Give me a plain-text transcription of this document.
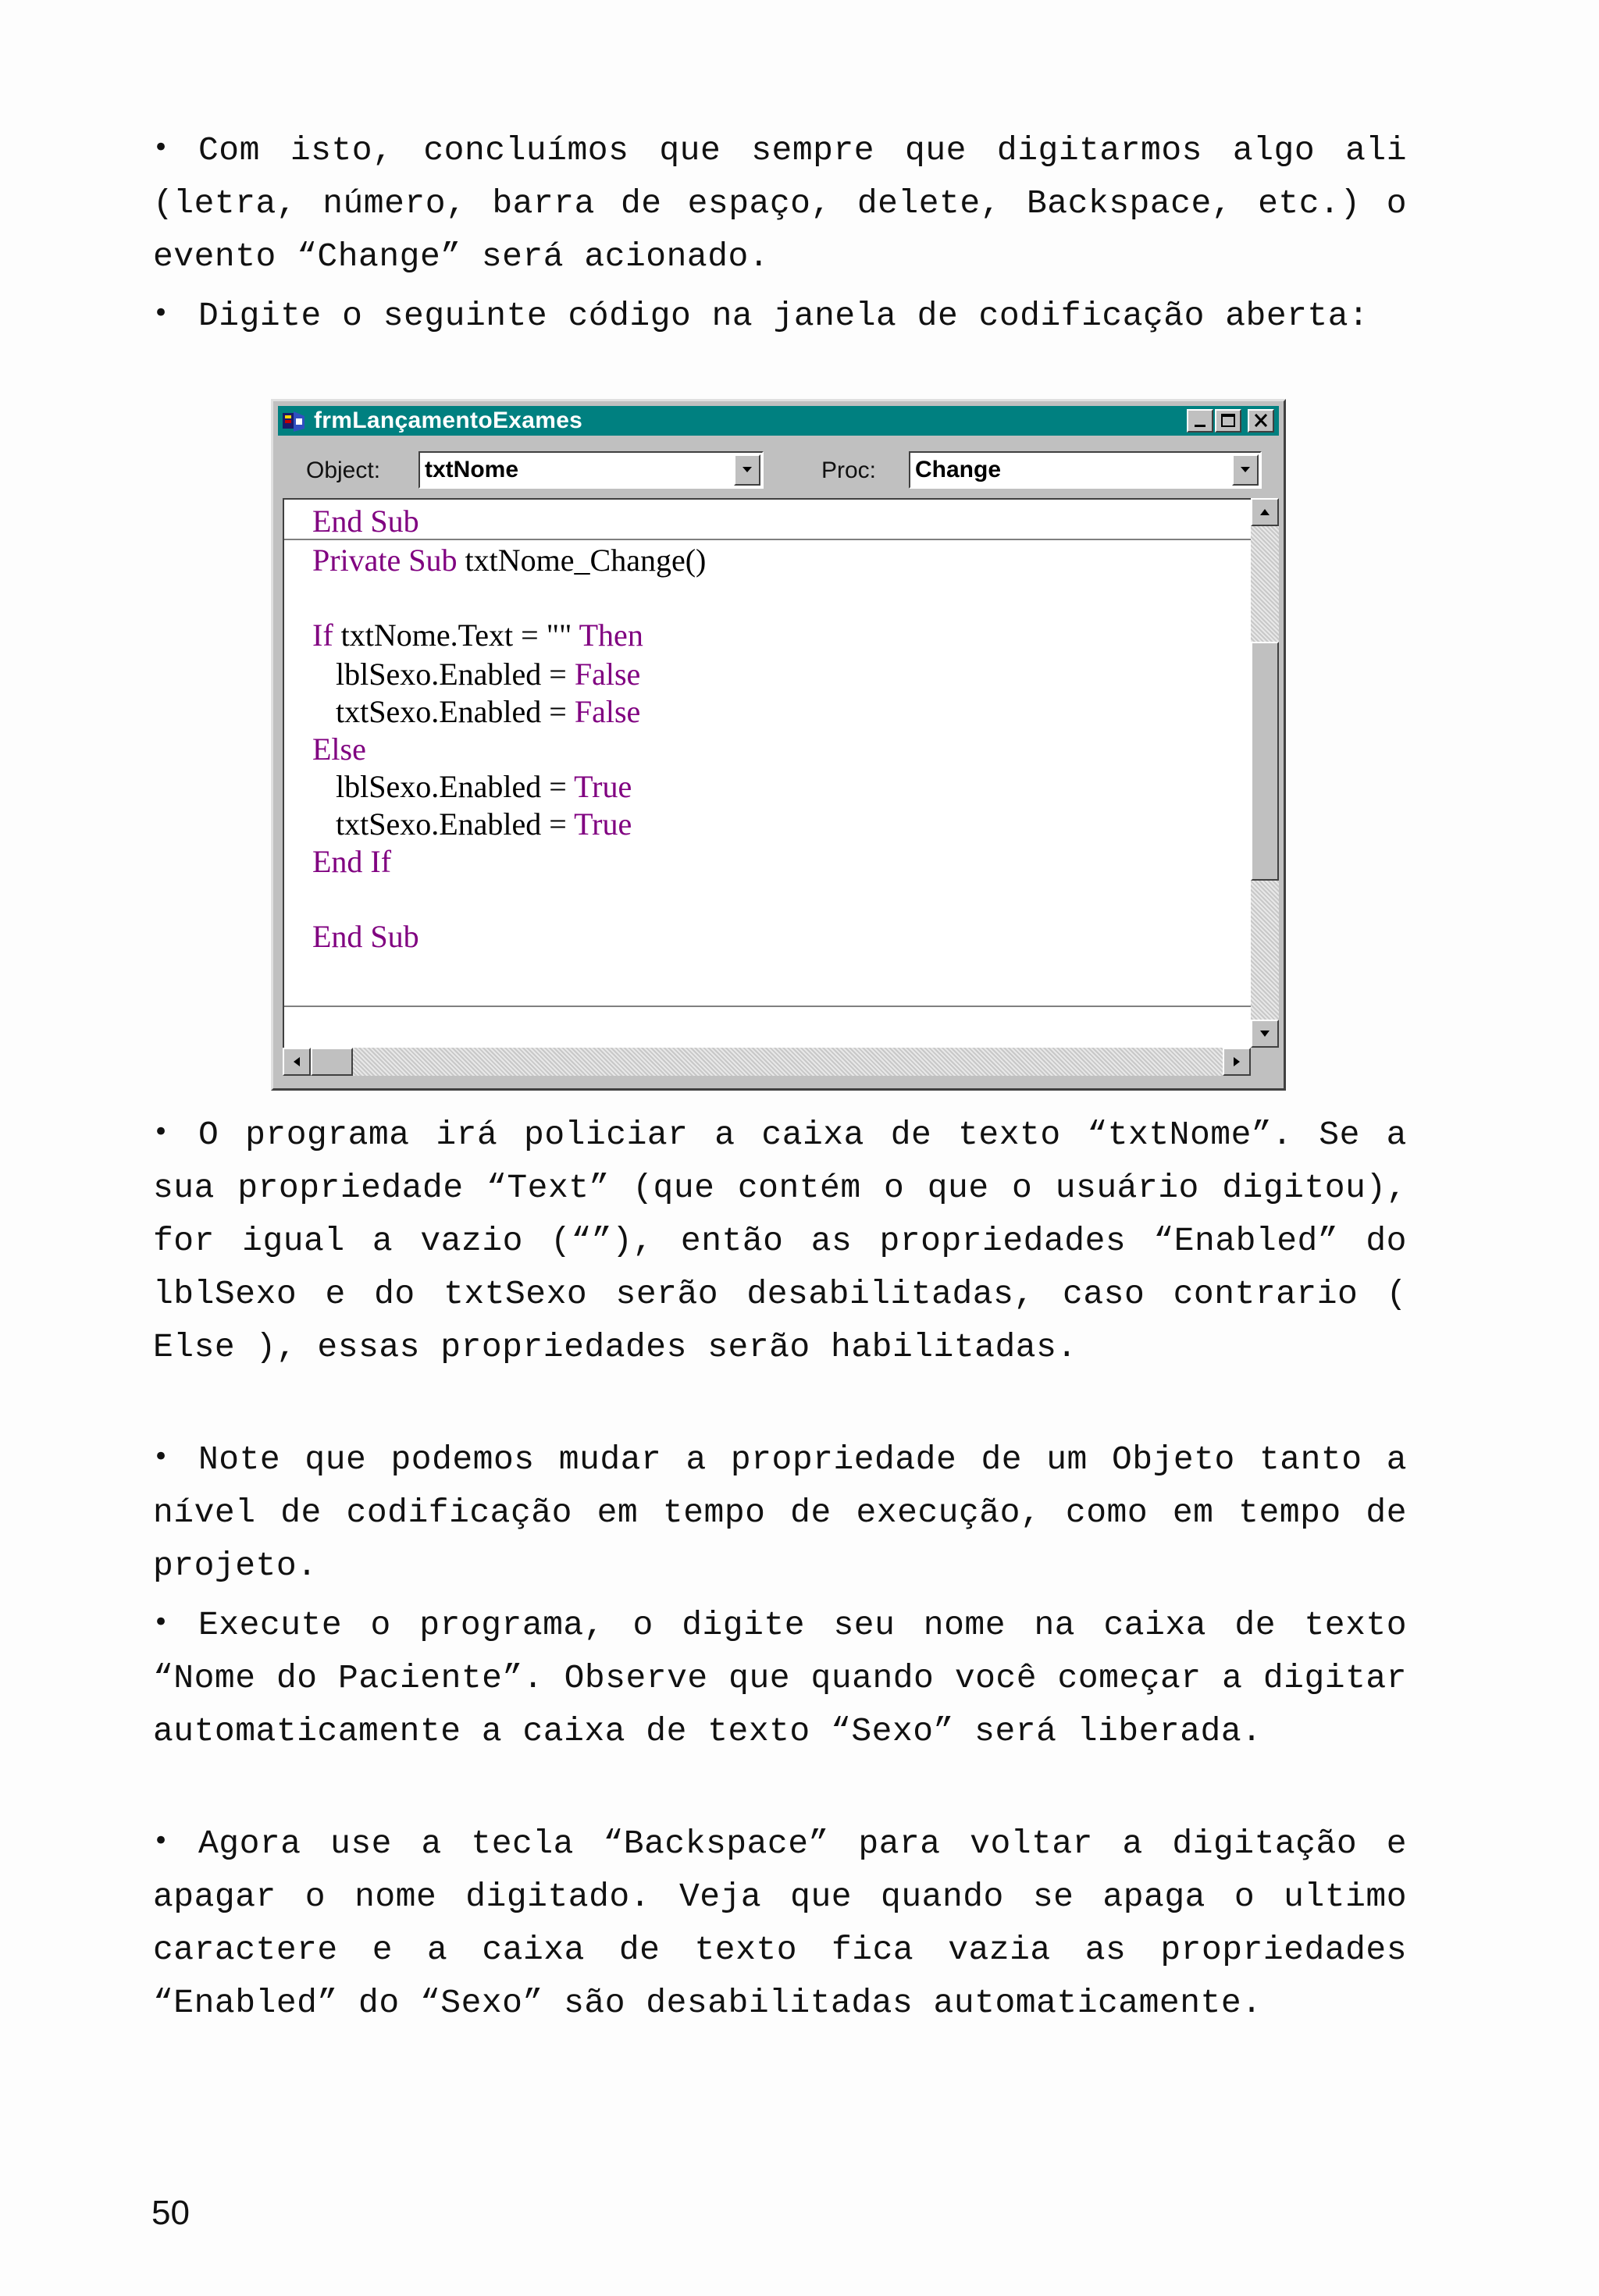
• Com isto, concluímos que sempre que digitarmos algo ali (letra, número, barra de espaço, delete, Backspace, etc.) o evento “Change” será acionado.
• Digite o seguinte código na janela de codificação aberta:
frmLançamentoExames
Object: txtNome	Proc: Change
End Sub
Private Sub txtNome_Change()
If txtNome.Text = "" Then
lblSexo.Enabled = False
txtSexo.Enabled = False
Else
lblSexo.Enabled = True
txtSexo.Enabled = True
End If
End Sub
• O programa irá policiar a caixa de texto “txtNome”. Se a sua propriedade “Text” (que contém o que o usuário digitou), for igual a vazio (“”), então as propriedades “Enabled” do lblSexo e do txtSexo serão desabilitadas, caso contrario ( Else ), essas propriedades serão habilitadas.
• Note que podemos mudar a propriedade de um Objeto tanto a nível de codificação em tempo de execução, como em tempo de projeto.
• Execute o programa, o digite seu nome na caixa de texto “Nome do Paciente”. Observe que quando você começar a digitar automaticamente a caixa de texto “Sexo” será liberada.
• Agora use a tecla “Backspace” para voltar a digitação e apagar o nome digitado. Veja que quando se apaga o ultimo caractere e a caixa de texto fica vazia as propriedades “Enabled” do “Sexo” são desabilitadas automaticamente.
50
